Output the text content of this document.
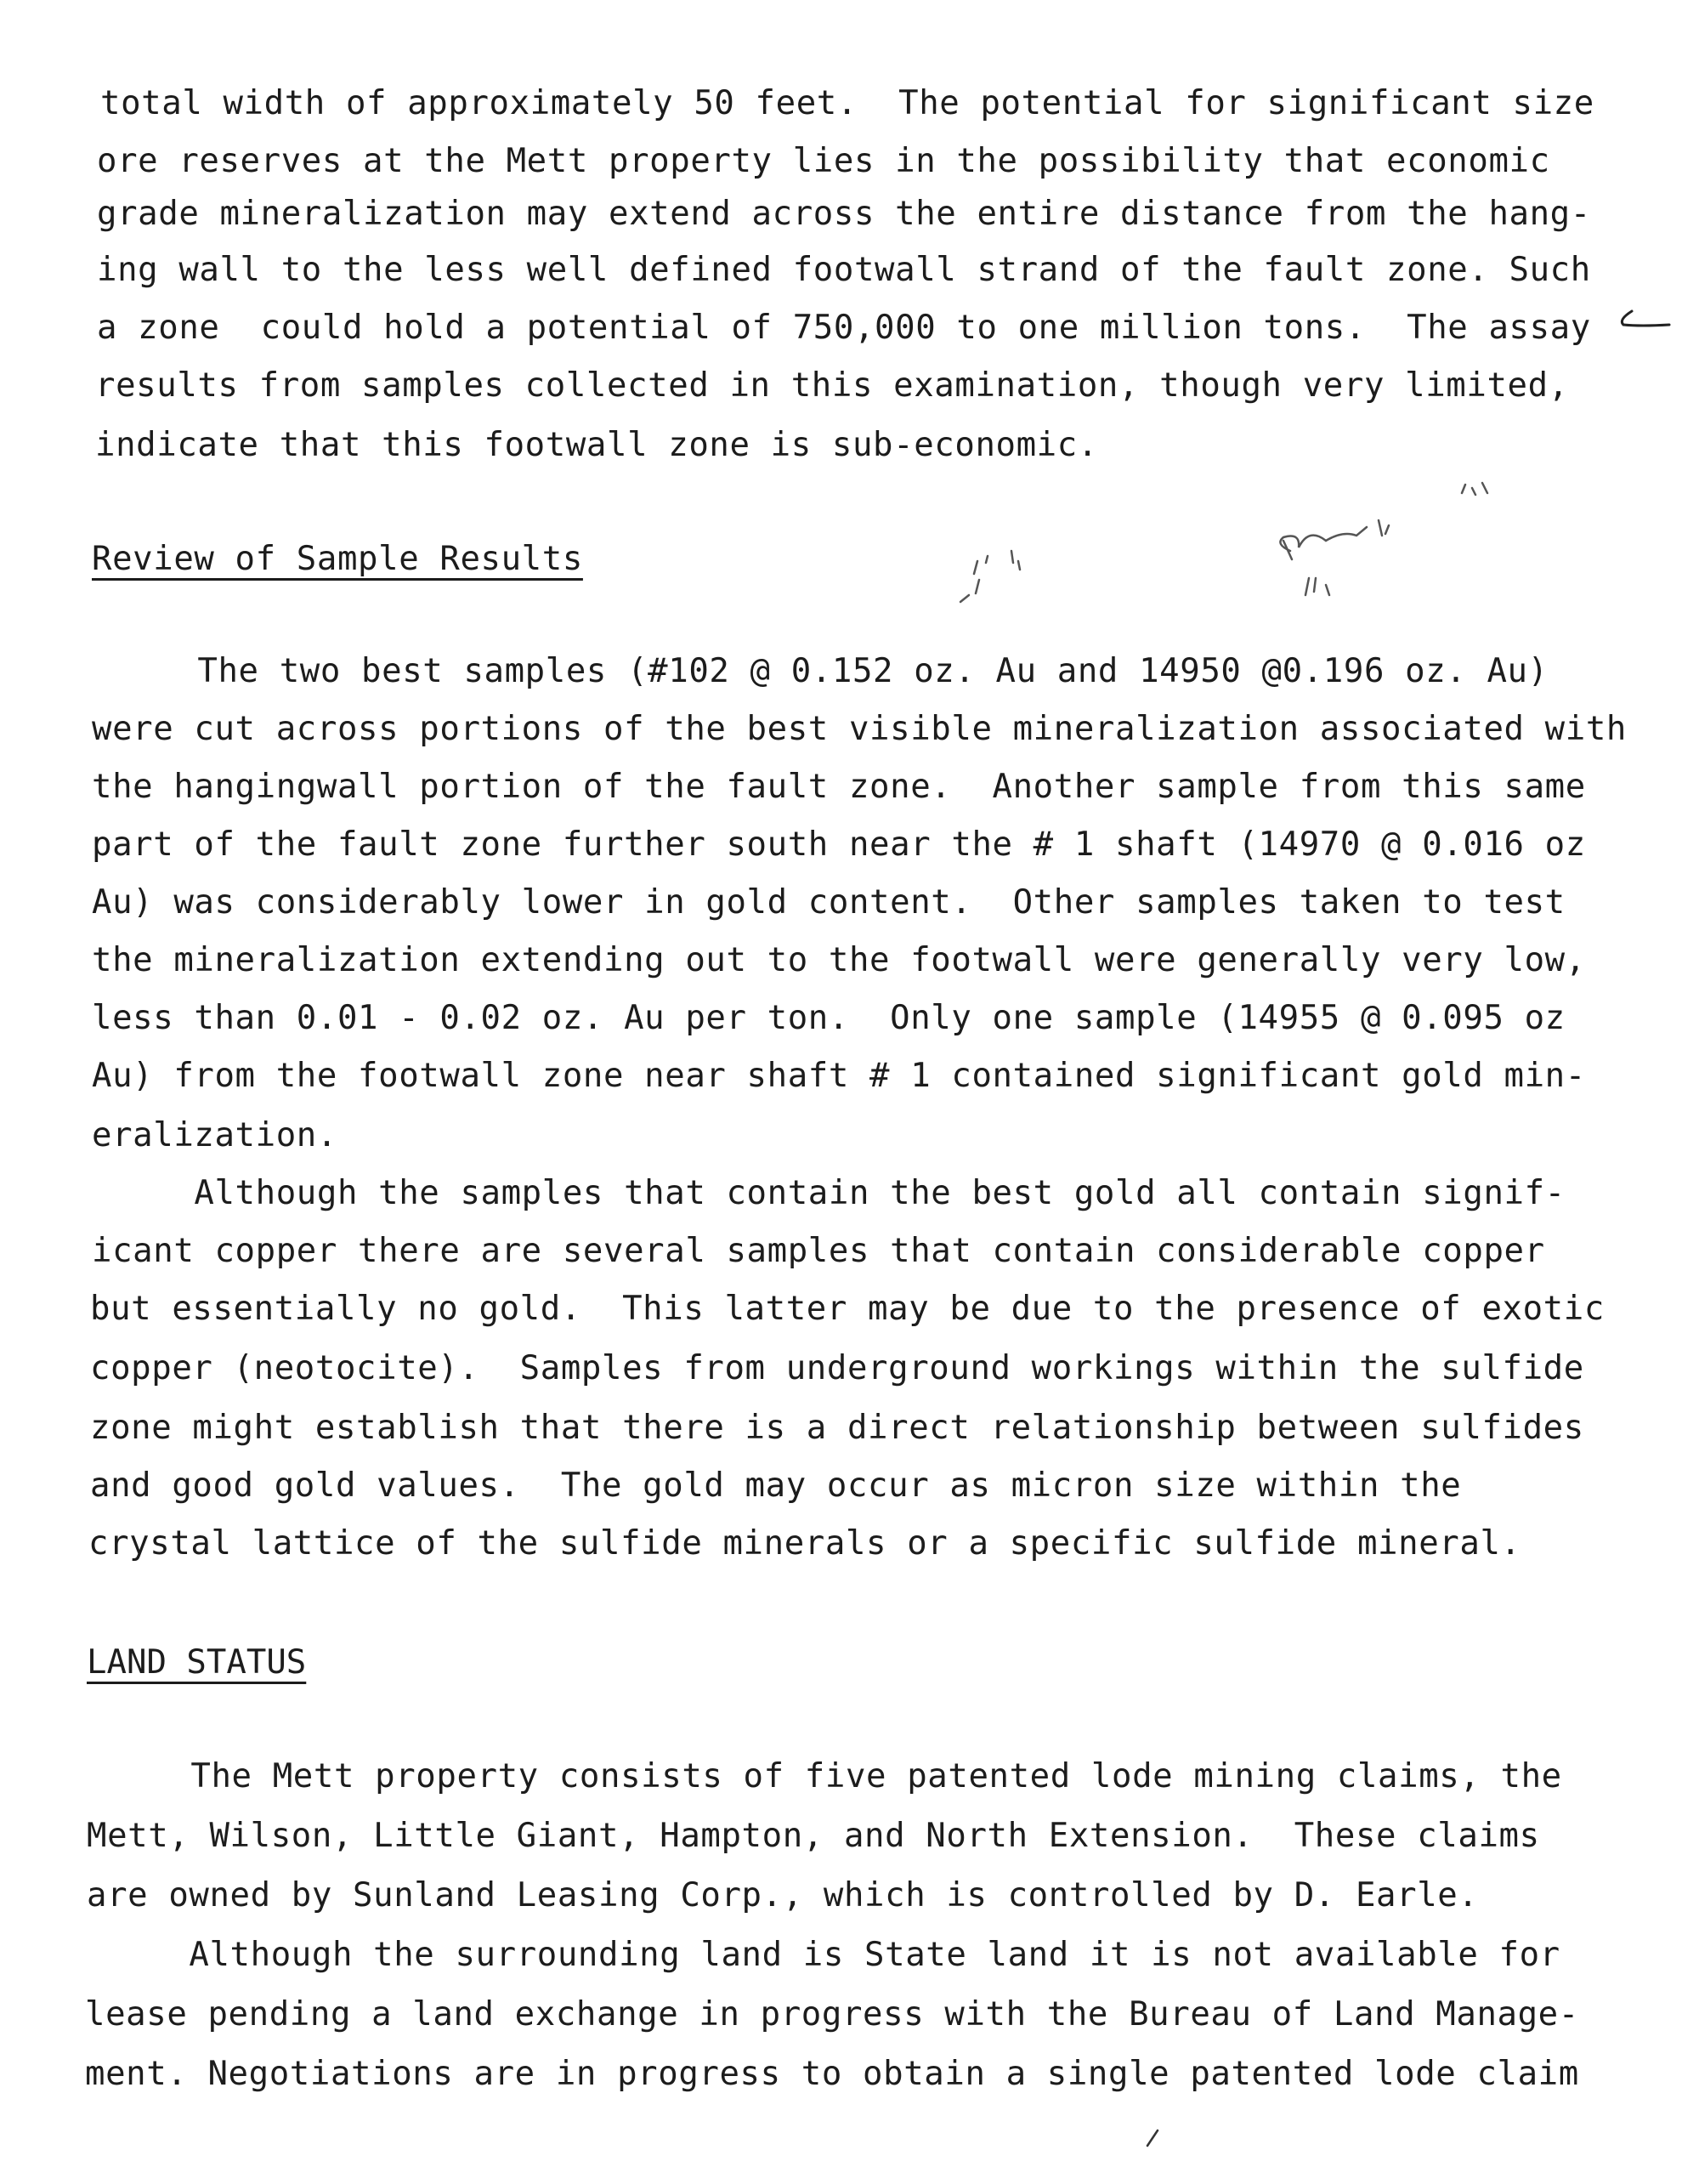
total width of approximately 50 feet.  The potential for significant size
ore reserves at the Mett property lies in the possibility that economic
grade mineralization may extend across the entire distance from the hang-
ing wall to the less well defined footwall strand of the fault zone. Such
a zone  could hold a potential of 750,000 to one million tons.  The assay
results from samples collected in this examination, though very limited,
indicate that this footwall zone is sub-economic.
Review of Sample Results
The two best samples (#102 @ 0.152 oz. Au and 14950 @0.196 oz. Au)
were cut across portions of the best visible mineralization associated with
the hangingwall portion of the fault zone.  Another sample from this same
part of the fault zone further south near the # 1 shaft (14970 @ 0.016 oz
Au) was considerably lower in gold content.  Other samples taken to test
the mineralization extending out to the footwall were generally very low,
less than 0.01 - 0.02 oz. Au per ton.  Only one sample (14955 @ 0.095 oz
Au) from the footwall zone near shaft # 1 contained significant gold min-
eralization.
Although the samples that contain the best gold all contain signif-
icant copper there are several samples that contain considerable copper
but essentially no gold.  This latter may be due to the presence of exotic
copper (neotocite).  Samples from underground workings within the sulfide
zone might establish that there is a direct relationship between sulfides
and good gold values.  The gold may occur as micron size within the
crystal lattice of the sulfide minerals or a specific sulfide mineral.
LAND STATUS
The Mett property consists of five patented lode mining claims, the
Mett, Wilson, Little Giant, Hampton, and North Extension.  These claims
are owned by Sunland Leasing Corp., which is controlled by D. Earle.
Although the surrounding land is State land it is not available for
lease pending a land exchange in progress with the Bureau of Land Manage-
ment. Negotiations are in progress to obtain a single patented lode claim
